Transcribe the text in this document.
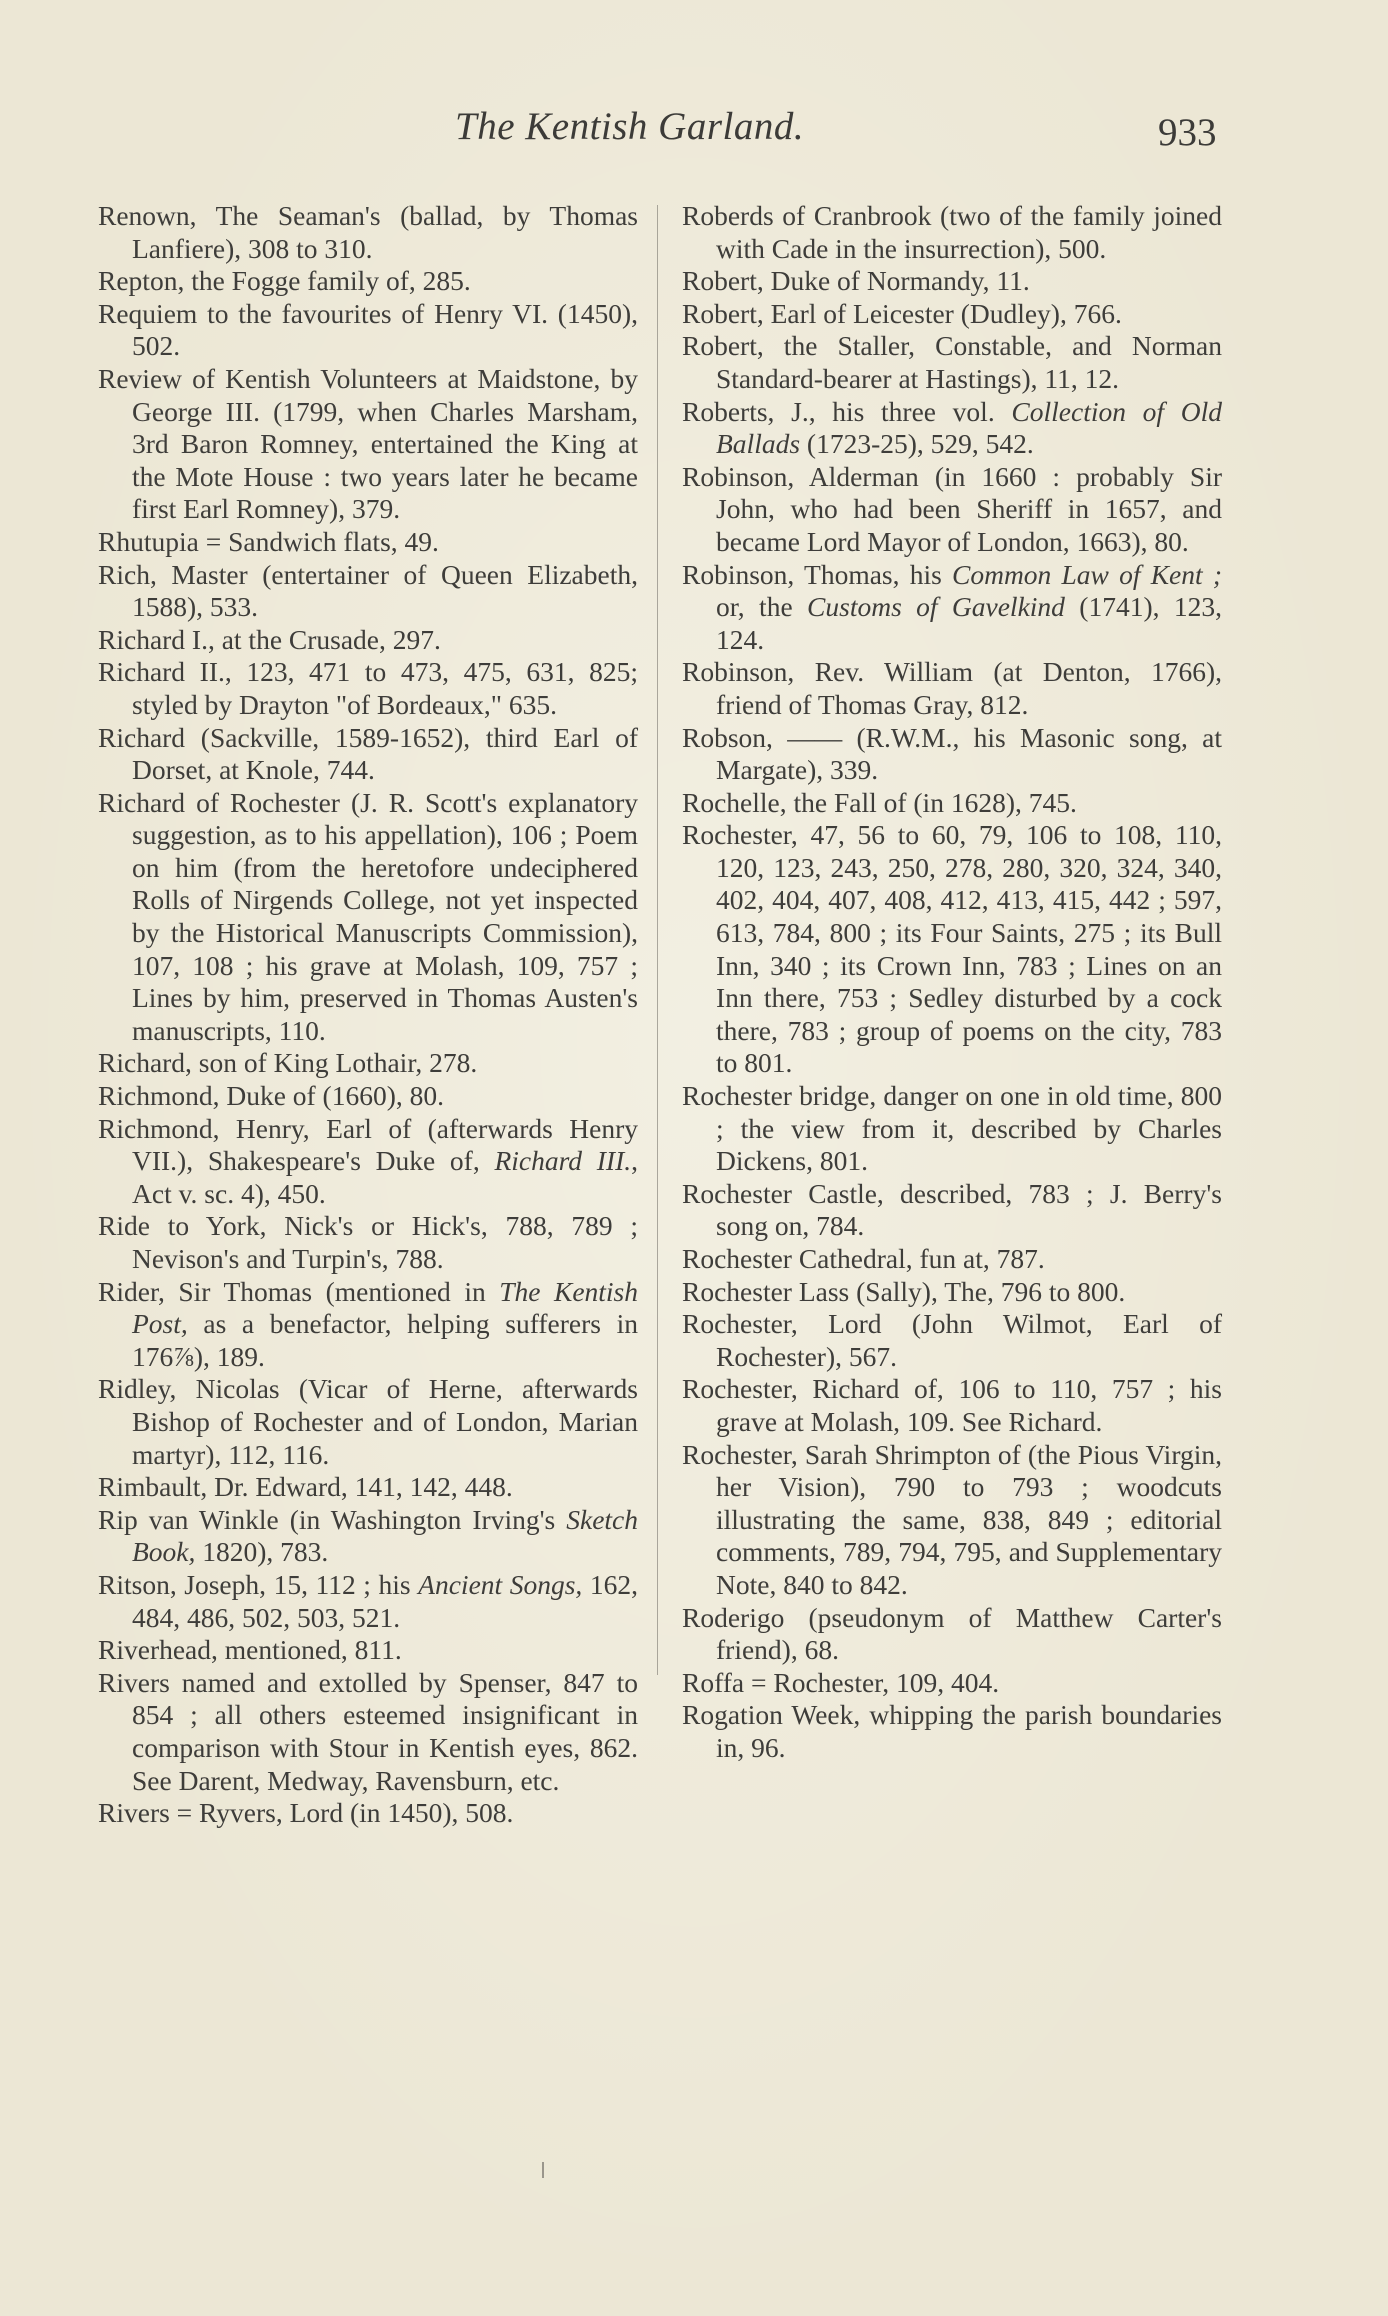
The Kentish Garland.	933

Renown, The Seaman's (ballad, by Thomas Lanfiere), 308 to 310.

Repton, the Fogge family of, 285.

Requiem to the favourites of Henry VI. (1450), 502.

Review of Kentish Volunteers at Maidstone, by George III. (1799, when Charles Marsham, 3rd Baron Romney, entertained the King at the Mote House : two years later he became first Earl Romney), 379.

Rhutupia = Sandwich flats, 49.

Rich, Master (entertainer of Queen Elizabeth, 1588), 533.

Richard I., at the Crusade, 297.

Richard II., 123, 471 to 473, 475, 631, 825; styled by Drayton "of Bordeaux," 635.

Richard (Sackville, 1589-1652), third Earl of Dorset, at Knole, 744.

Richard of Rochester (J. R. Scott's explanatory suggestion, as to his appellation), 106 ; Poem on him (from the heretofore undeciphered Rolls of Nirgends College, not yet inspected by the Historical Manuscripts Commission), 107, 108 ; his grave at Molash, 109, 757 ; Lines by him, preserved in Thomas Austen's manuscripts, 110.

Richard, son of King Lothair, 278.

Richmond, Duke of (1660), 80.

Richmond, Henry, Earl of (afterwards Henry VII.), Shakespeare's Duke of, Richard III., Act v. sc. 4), 450.

Ride to York, Nick's or Hick's, 788, 789 ; Nevison's and Turpin's, 788.

Rider, Sir Thomas (mentioned in The Kentish Post, as a benefactor, helping sufferers in 176⅞), 189.

Ridley, Nicolas (Vicar of Herne, afterwards Bishop of Rochester and of London, Marian martyr), 112, 116.

Rimbault, Dr. Edward, 141, 142, 448.

Rip van Winkle (in Washington Irving's Sketch Book, 1820), 783.

Ritson, Joseph, 15, 112 ; his Ancient Songs, 162, 484, 486, 502, 503, 521.

Riverhead, mentioned, 811.

Rivers named and extolled by Spenser, 847 to 854 ; all others esteemed insignificant in comparison with Stour in Kentish eyes, 862. See Darent, Medway, Ravensburn, etc.

Rivers = Ryvers, Lord (in 1450), 508.

Roberds of Cranbrook (two of the family joined with Cade in the insurrection), 500.

Robert, Duke of Normandy, 11.

Robert, Earl of Leicester (Dudley), 766.

Robert, the Staller, Constable, and Norman Standard-bearer at Hastings), 11, 12.

Roberts, J., his three vol. Collection of Old Ballads (1723-25), 529, 542.

Robinson, Alderman (in 1660 : probably Sir John, who had been Sheriff in 1657, and became Lord Mayor of London, 1663), 80.

Robinson, Thomas, his Common Law of Kent ; or, the Customs of Gavelkind (1741), 123, 124.

Robinson, Rev. William (at Denton, 1766), friend of Thomas Gray, 812.

Robson, —— (R.W.M., his Masonic song, at Margate), 339.

Rochelle, the Fall of (in 1628), 745.

Rochester, 47, 56 to 60, 79, 106 to 108, 110, 120, 123, 243, 250, 278, 280, 320, 324, 340, 402, 404, 407, 408, 412, 413, 415, 442 ; 597, 613, 784, 800 ; its Four Saints, 275 ; its Bull Inn, 340 ; its Crown Inn, 783 ; Lines on an Inn there, 753 ; Sedley disturbed by a cock there, 783 ; group of poems on the city, 783 to 801.

Rochester bridge, danger on one in old time, 800 ; the view from it, described by Charles Dickens, 801.

Rochester Castle, described, 783 ; J. Berry's song on, 784.

Rochester Cathedral, fun at, 787.

Rochester Lass (Sally), The, 796 to 800.

Rochester, Lord (John Wilmot, Earl of Rochester), 567.

Rochester, Richard of, 106 to 110, 757 ; his grave at Molash, 109. See Richard.

Rochester, Sarah Shrimpton of (the Pious Virgin, her Vision), 790 to 793 ; woodcuts illustrating the same, 838, 849 ; editorial comments, 789, 794, 795, and Supplementary Note, 840 to 842.

Roderigo (pseudonym of Matthew Carter's friend), 68.

Roffa = Rochester, 109, 404.

Rogation Week, whipping the parish boundaries in, 96.
